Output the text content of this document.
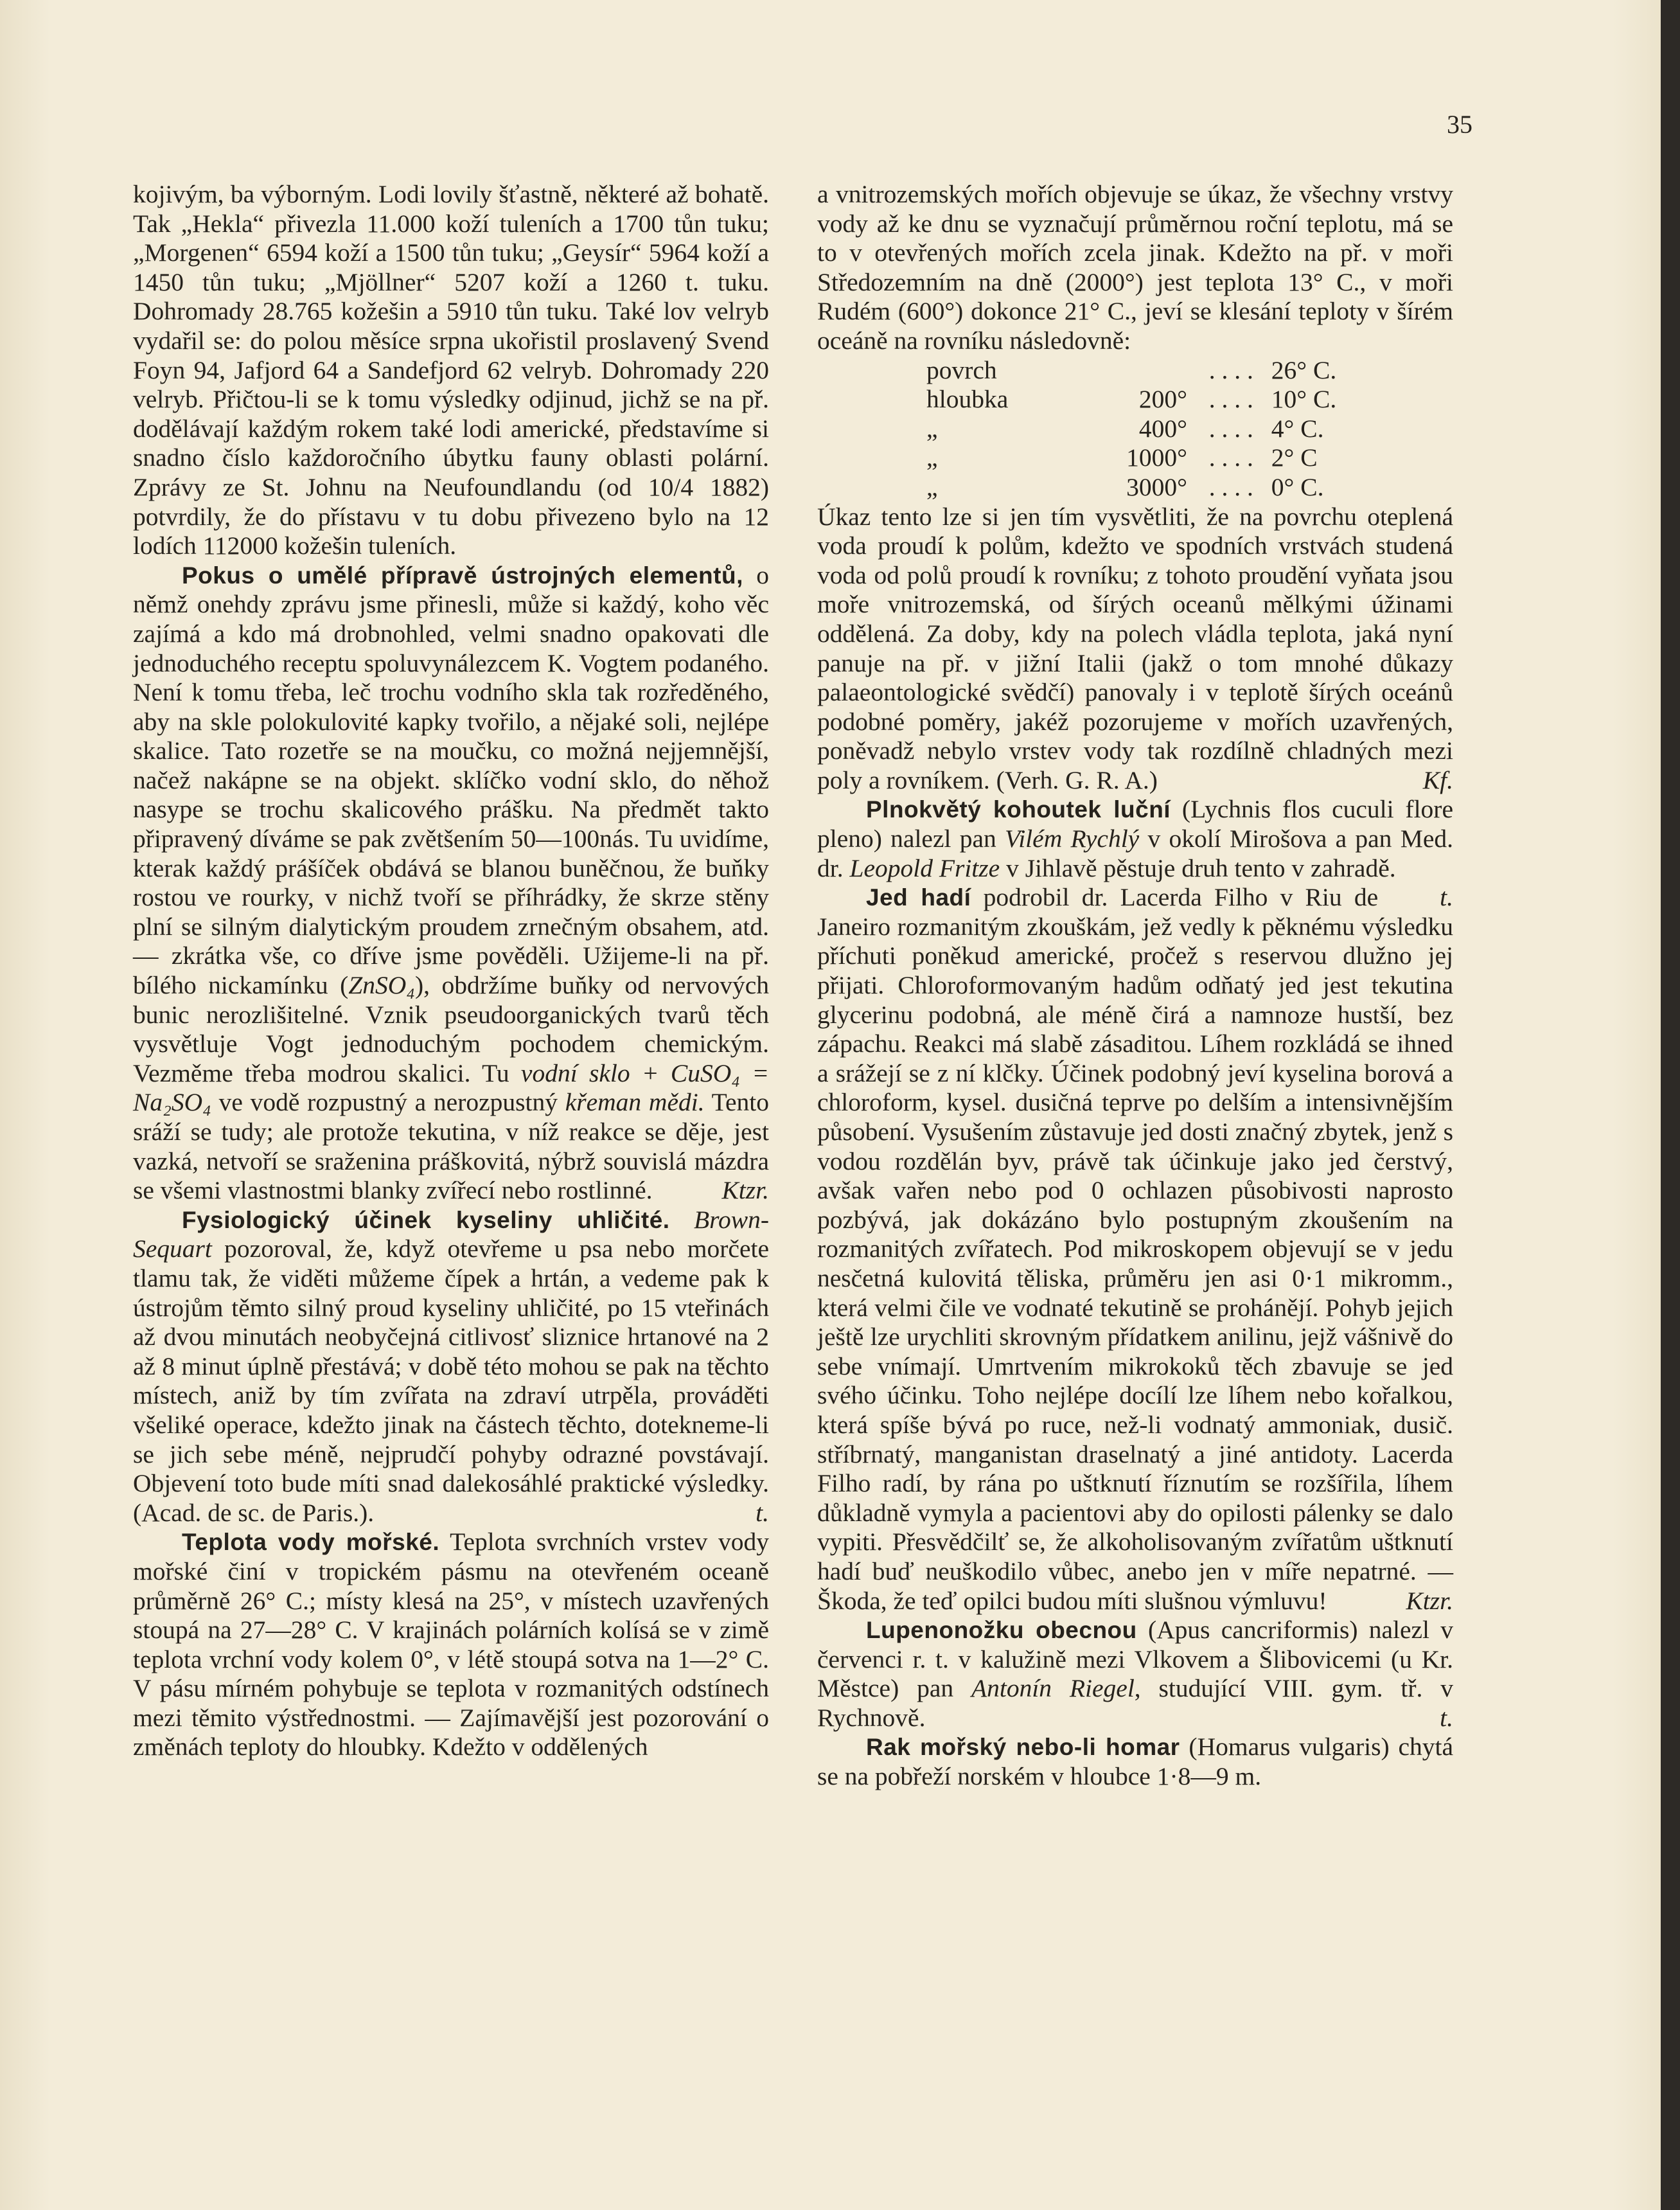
35

kojivým, ba výborným. Lodi lovily šťastně, některé až bohatě. Tak „Hekla“ přivezla 11.000 koží tuleních a 1700 tůn tuku; „Morgenen“ 6594 koží a 1500 tůn tuku; „Geysír“ 5964 koží a 1450 tůn tuku; „Mjöllner“ 5207 koží a 1260 t. tuku. Dohromady 28.765 kožešin a 5910 tůn tuku. Také lov velryb vydařil se: do polou měsíce srpna ukořistil proslavený Svend Foyn 94, Jafjord 64 a Sandefjord 62 velryb. Dohromady 220 velryb. Přičtou-li se k tomu výsledky odjinud, jichž se na př. dodělávají každým rokem také lodi americké, představíme si snadno číslo každoročního úbytku fauny oblasti polární. Zprávy ze St. Johnu na Neufoundlandu (od 10/4 1882) potvrdily, že do přístavu v tu dobu přivezeno bylo na 12 lodích 112000 kožešin tuleních.

Pokus o umělé přípravě ústrojných elementů, o němž onehdy zprávu jsme přinesli, může si každý, koho věc zajímá a kdo má drobnohled, velmi snadno opakovati dle jednoduchého receptu spoluvynálezcem K. Vogtem podaného. Není k tomu třeba, leč trochu vodního skla tak rozředěného, aby na skle polokulovité kapky tvořilo, a nějaké soli, nejlépe skalice. Tato rozetře se na moučku, co možná nejjemnější, načež nakápne se na objekt. sklíčko vodní sklo, do něhož nasype se trochu skalicového prášku. Na předmět takto připravený díváme se pak zvětšením 50—100nás. Tu uvidíme, kterak každý prášíček obdává se blanou buněčnou, že buňky rostou ve rourky, v nichž tvoří se příhrádky, že skrze stěny plní se silným dialytickým proudem zrnečným obsahem, atd. — zkrátka vše, co dříve jsme pověděli. Užijeme-li na př. bílého nickamínku (ZnSO₄), obdržíme buňky od nervových bunic nerozlišitelné. Vznik pseudoorganických tvarů těch vysvětluje Vogt jednoduchým pochodem chemickým. Vezměme třeba modrou skalici. Tu vodní sklo + CuSO₄ = Na₂SO₄ ve vodě rozpustný a nerozpustný křeman mědi. Tento sráží se tudy; ale protože tekutina, v níž reakce se děje, jest vazká, netvoří se sraženina práškovitá, nýbrž souvislá mázdra se všemi vlastnostmi blanky zvířecí nebo rostlinné.	Ktzr.

Fysiologický účinek kyseliny uhličité. Brown-Sequart pozoroval, že, když otevřeme u psa nebo morčete tlamu tak, že viděti můžeme čípek a hrtán, a vedeme pak k ústrojům těmto silný proud kyseliny uhličité, po 15 vteřinách až dvou minutách neobyčejná citlivosť sliznice hrtanové na 2 až 8 minut úplně přestává; v době této mohou se pak na těchto místech, aniž by tím zvířata na zdraví utrpěla, prováděti všeliké operace, kdežto jinak na částech těchto, dotekneme-li se jich sebe méně, nejprudčí pohyby odrazné povstávají. Objevení toto bude míti snad dalekosáhlé praktické výsledky. (Acad. de sc. de Paris.).	t.

Teplota vody mořské. Teplota svrchních vrstev vody mořské činí v tropickém pásmu na otevřeném oceaně průměrně 26° C.; místy klesá na 25°, v místech uzavřených stoupá na 27—28° C. V krajinách polárních kolísá se v zimě teplota vrchní vody kolem 0°, v létě stoupá sotva na 1—2° C. V pásu mírném pohybuje se teplota v rozmanitých odstínech mezi těmito výstřednostmi. — Zajímavější jest pozorování o změnách teploty do hloubky. Kdežto v oddělených

a vnitrozemských mořích objevuje se úkaz, že všechny vrstvy vody až ke dnu se vyznačují průměrnou roční teplotu, má se to v otevřených mořích zcela jinak. Kdežto na př. v moři Středozemním na dně (2000°) jest teplota 13° C., v moři Rudém (600°) dokonce 21° C., jeví se klesání teploty v šírém oceáně na rovníku následovně:

povrch		. . . .	26° C.
hloubka	200°	. . . .	10° C.
„	400°	. . . .	4° C.
„	1000°	. . . .	2° C
„	3000°	. . . .	0° C.

Úkaz tento lze si jen tím vysvětliti, že na povrchu oteplená voda proudí k polům, kdežto ve spodních vrstvách studená voda od polů proudí k rovníku; z tohoto proudění vyňata jsou moře vnitrozemská, od šírých oceanů mělkými úžinami oddělená. Za doby, kdy na polech vládla teplota, jaká nyní panuje na př. v jižní Italii (jakž o tom mnohé důkazy palaeontologické svědčí) panovaly i v teplotě šírých oceánů podobné poměry, jakéž pozorujeme v mořích uzavřených, poněvadž nebylo vrstev vody tak rozdílně chladných mezi poly a rovníkem. (Verh. G. R. A.)	Kf.

Plnokvětý kohoutek luční (Lychnis flos cuculi flore pleno) nalezl pan Vilém Rychlý v okolí Mirošova a pan Med. dr. Leopold Fritze v Jihlavě pěstuje druh tento v zahradě.
t.

Jed hadí podrobil dr. Lacerda Filho v Riu de Janeiro rozmanitým zkouškám, jež vedly k pěknému výsledku příchuti poněkud americké, pročež s reservou dlužno jej přijati. Chloroformovaným hadům odňatý jed jest tekutina glycerinu podobná, ale méně čirá a namnoze hustší, bez zápachu. Reakci má slabě zásaditou. Líhem rozkládá se ihned a srážejí se z ní klčky. Účinek podobný jeví kyselina borová a chloroform, kysel. dusičná teprve po delším a intensivnějším působení. Vysušením zůstavuje jed dosti značný zbytek, jenž s vodou rozdělán byv, právě tak účinkuje jako jed čerstvý, avšak vařen nebo pod 0 ochlazen působivosti naprosto pozbývá, jak dokázáno bylo postupným zkoušením na rozmanitých zvířatech. Pod mikroskopem objevují se v jedu nesčetná kulovitá těliska, průměru jen asi 0·1 mikromm., která velmi čile ve vodnaté tekutině se prohánějí. Pohyb jejich ještě lze urychliti skrovným přídatkem anilinu, jejž vášnivě do sebe vnímají. Umrtvením mikrokoků těch zbavuje se jed svého účinku. Toho nejlépe docílí lze líhem nebo kořalkou, která spíše bývá po ruce, než-li vodnatý ammoniak, dusič. stříbrnatý, manganistan draselnatý a jiné antidoty. Lacerda Filho radí, by rána po uštknutí říznutím se rozšířila, líhem důkladně vymyla a pacientovi aby do opilosti pálenky se dalo vypiti. Přesvědčilť se, že alkoholisovaným zvířatům uštknutí hadí buď neuškodilo vůbec, anebo jen v míře nepatrné. — Škoda, že teď opilci budou míti slušnou výmluvu!	Ktzr.

Lupenonožku obecnou (Apus cancriformis) nalezl v červenci r. t. v kalužině mezi Vlkovem a Šlibovicemi (u Kr. Městce) pan Antonín Riegel, studující VIII. gym. tř. v Rychnově.	t.

Rak mořský nebo-li homar (Homarus vulgaris) chytá se na pobřeží norském v hloubce 1·8—9 m.
